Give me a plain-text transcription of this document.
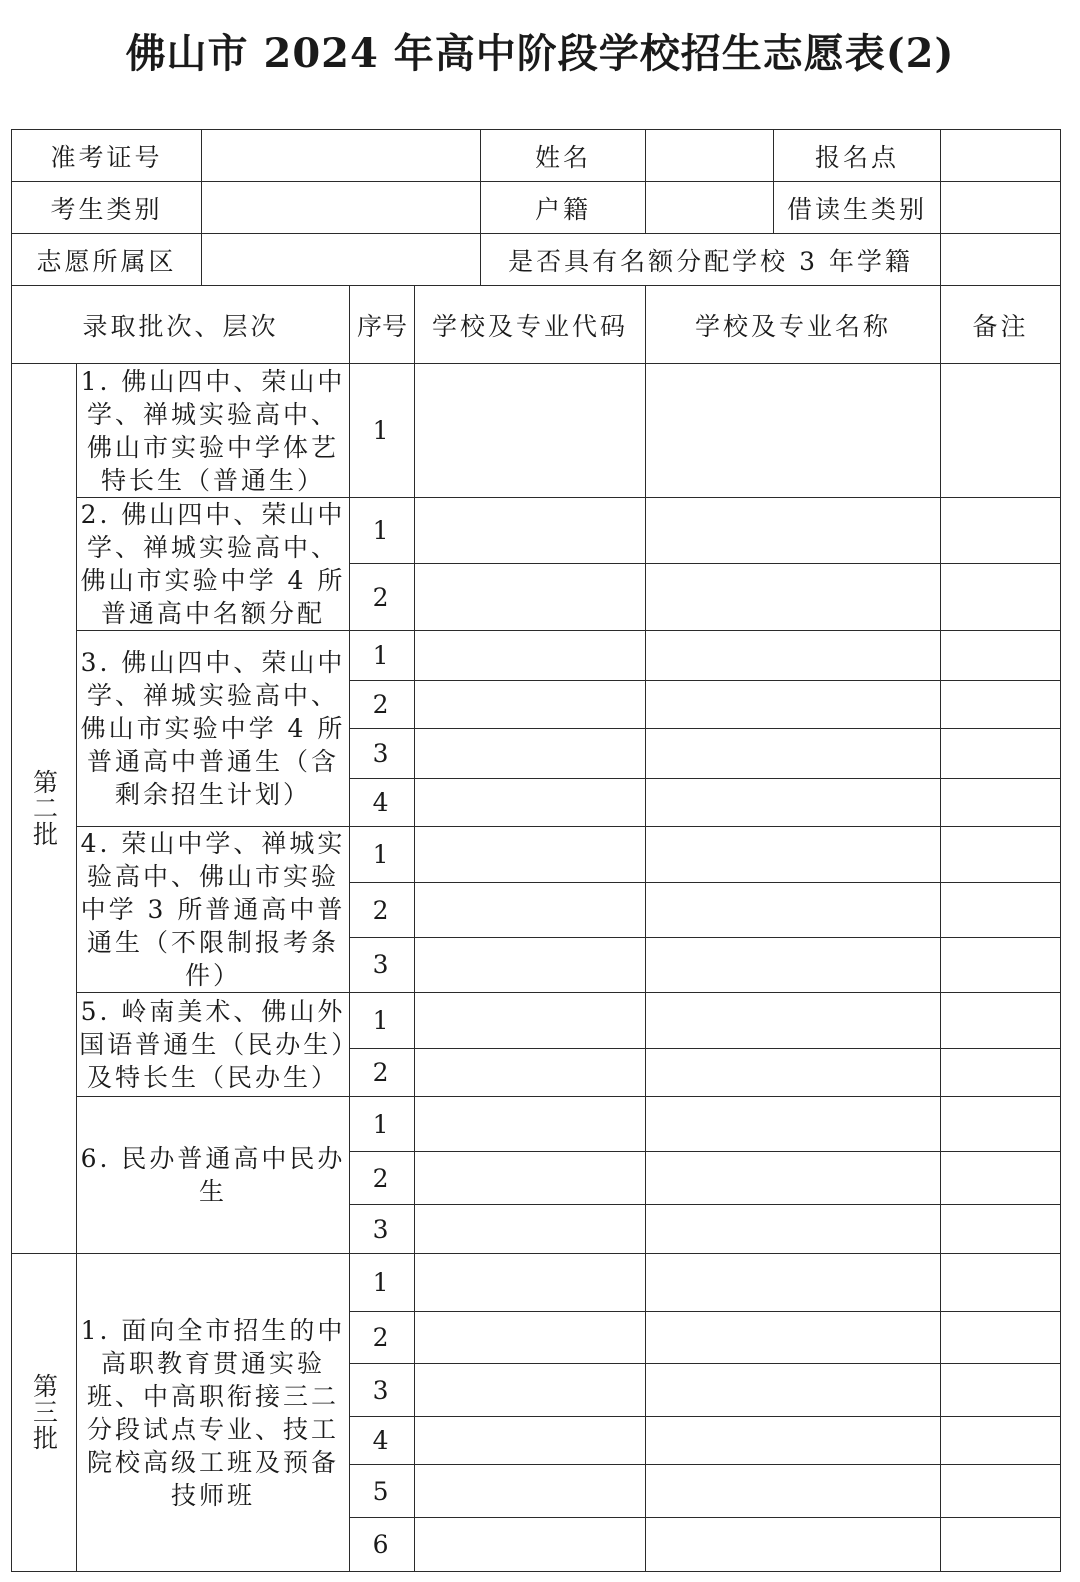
佛山市 2024 年高中阶段学校招生志愿表(2)
准考证号					姓名		报名点	
考生类别					户籍		借读生类别	
志愿所属区					是否具有名额分配学校 3 年学籍			
录取批次、层次			序号	学校及专业代码		学校及专业名称		备注
第二批	1. 佛山四中、荣山中学、禅城实验高中、佛山市实验中学体艺特长生（普通生）		1					
	2. 佛山四中、荣山中学、禅城实验高中、佛山市实验中学 4 所普通高中名额分配		1					
			2					
	3. 佛山四中、荣山中学、禅城实验高中、佛山市实验中学 4 所普通高中普通生（含剩余招生计划）		1					
			2					
			3					
			4					
	4. 荣山中学、禅城实验高中、佛山市实验中学 3 所普通高中普通生（不限制报考条件）		1					
			2					
			3					
	5. 岭南美术、佛山外国语普通生（民办生）及特长生（民办生）		1					
			2					
	6. 民办普通高中民办生		1					
			2					
			3					
第三批	1. 面向全市招生的中高职教育贯通实验班、中高职衔接三二分段试点专业、技工院校高级工班及预备技师班		1					
			2					
			3					
			4					
			5					
			6					
